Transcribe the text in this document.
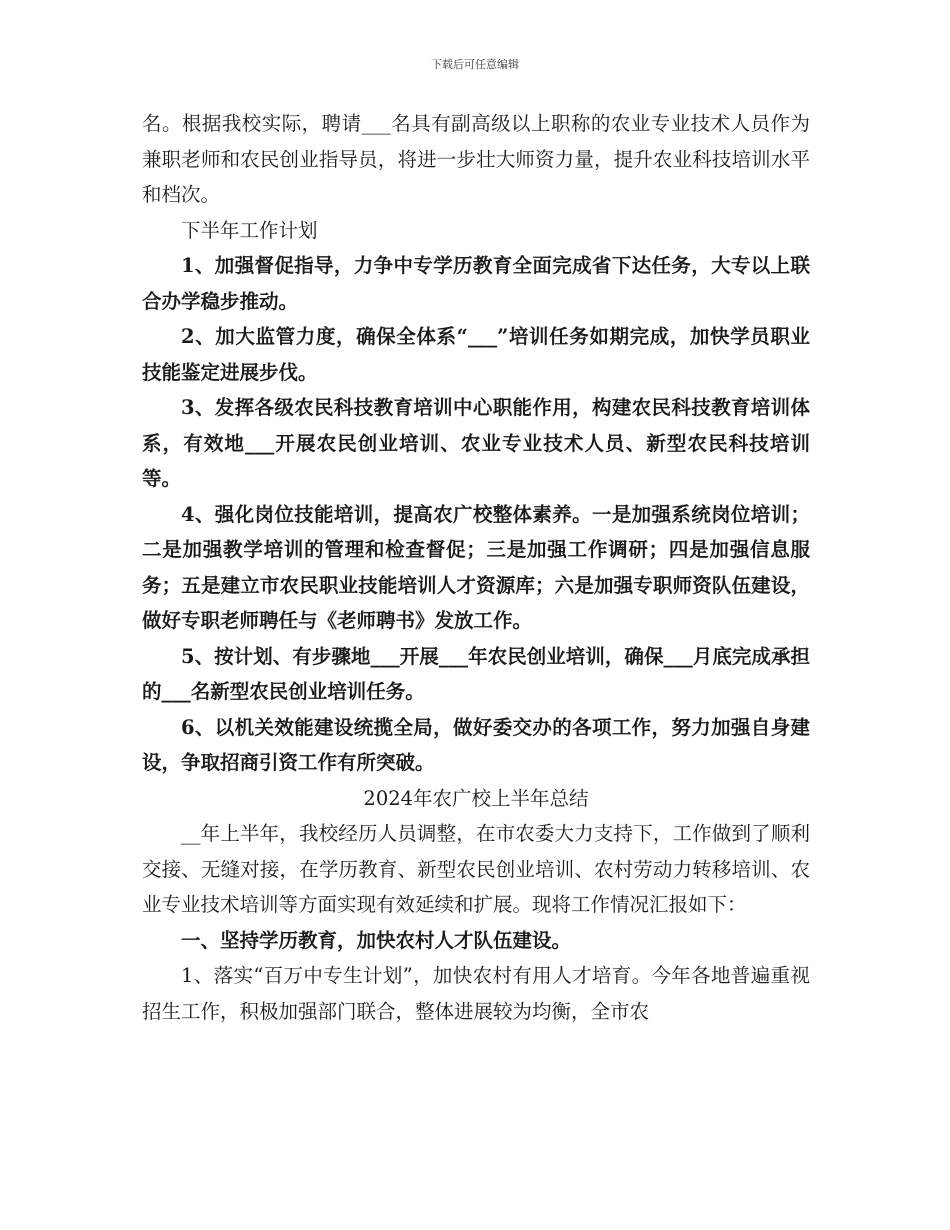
下载后可任意编辑

名。根据我校实际，聘请___名具有副高级以上职称的农业专业技术人员作为兼职老师和农民创业指导员，将进一步壮大师资力量，提升农业科技培训水平和档次。

下半年工作计划

1、加强督促指导，力争中专学历教育全面完成省下达任务，大专以上联合办学稳步推动。

2、加大监管力度，确保全体系“___”培训任务如期完成，加快学员职业技能鉴定进展步伐。

3、发挥各级农民科技教育培训中心职能作用，构建农民科技教育培训体系，有效地___开展农民创业培训、农业专业技术人员、新型农民科技培训等。

4、强化岗位技能培训，提高农广校整体素养。一是加强系统岗位培训；二是加强教学培训的管理和检查督促；三是加强工作调研；四是加强信息服务；五是建立市农民职业技能培训人才资源库；六是加强专职师资队伍建设，做好专职老师聘任与《老师聘书》发放工作。

5、按计划、有步骤地___开展___年农民创业培训，确保___月底完成承担的___名新型农民创业培训任务。

6、以机关效能建设统揽全局，做好委交办的各项工作，努力加强自身建设，争取招商引资工作有所突破。

2024年农广校上半年总结

__年上半年，我校经历人员调整，在市农委大力支持下，工作做到了顺利交接、无缝对接，在学历教育、新型农民创业培训、农村劳动力转移培训、农业专业技术培训等方面实现有效延续和扩展。现将工作情况汇报如下：

一、坚持学历教育，加快农村人才队伍建设。

1、落实“百万中专生计划”，加快农村有用人才培育。今年各地普遍重视招生工作，积极加强部门联合，整体进展较为均衡，全市农
